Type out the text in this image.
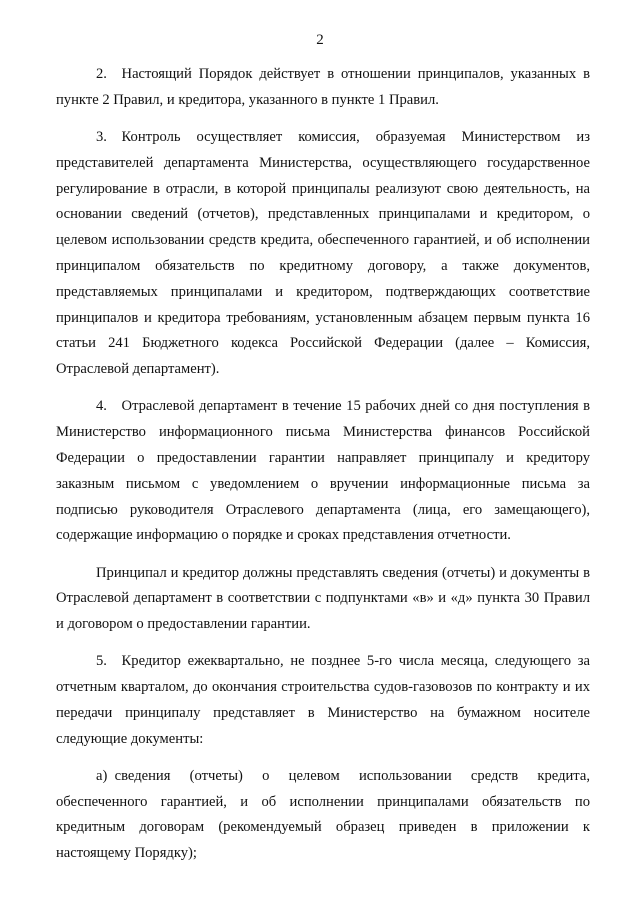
2

2. Настоящий Порядок действует в отношении принципалов, указанных в пункте 2 Правил, и кредитора, указанного в пункте 1 Правил.

3. Контроль осуществляет комиссия, образуемая Министерством из представителей департамента Министерства, осуществляющего государственное регулирование в отрасли, в которой принципалы реализуют свою деятельность, на основании сведений (отчетов), представленных принципалами и кредитором, о целевом использовании средств кредита, обеспеченного гарантией, и об исполнении принципалом обязательств по кредитному договору, а также документов, представляемых принципалами и кредитором, подтверждающих соответствие принципалов и кредитора требованиям, установленным абзацем первым пункта 16 статьи 241 Бюджетного кодекса Российской Федерации (далее – Комиссия, Отраслевой департамент).

4. Отраслевой департамент в течение 15 рабочих дней со дня поступления в Министерство информационного письма Министерства финансов Российской Федерации о предоставлении гарантии направляет принципалу и кредитору заказным письмом с уведомлением о вручении информационные письма за подписью руководителя Отраслевого департамента (лица, его замещающего), содержащие информацию о порядке и сроках представления отчетности.

Принципал и кредитор должны представлять сведения (отчеты) и документы в Отраслевой департамент в соответствии с подпунктами «в» и «д» пункта 30 Правил и договором о предоставлении гарантии.

5. Кредитор ежеквартально, не позднее 5-го числа месяца, следующего за отчетным кварталом, до окончания строительства судов-газовозов по контракту и их передачи принципалу представляет в Министерство на бумажном носителе следующие документы:

а) сведения (отчеты) о целевом использовании средств кредита, обеспеченного гарантией, и об исполнении принципалами обязательств по кредитным договорам (рекомендуемый образец приведен в приложении к настоящему Порядку);
